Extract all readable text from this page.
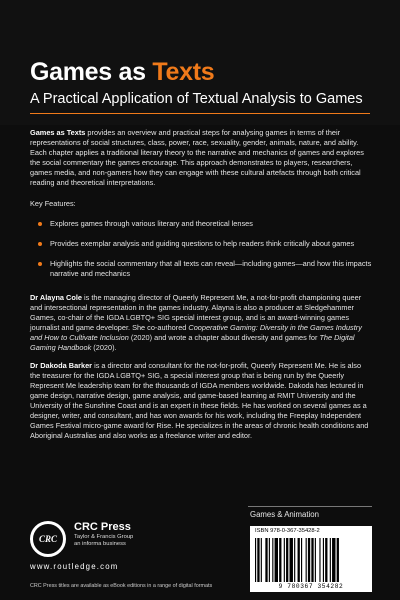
Games as Texts
A Practical Application of Textual Analysis to Games

Games as Texts provides an overview and practical steps for analysing games in terms of their representations of social structures, class, power, race, sexuality, gender, animals, nature, and ability. Each chapter applies a traditional literary theory to the narrative and mechanics of games and explores the social commentary the games encourage. This approach demonstrates to players, researchers, games media, and non-gamers how they can engage with these cultural artefacts through both critical reading and theoretical interpretations.

Key Features:
Explores games through various literary and theoretical lenses
Provides exemplar analysis and guiding questions to help readers think critically about games
Highlights the social commentary that all texts can reveal—including games—and how this impacts narrative and mechanics

Dr Alayna Cole is the managing director of Queerly Represent Me, a not-for-profit championing queer and intersectional representation in the games industry. Alayna is also a producer at Sledgehammer Games, co-chair of the IGDA LGBTQ+ SIG special interest group, and is an award-winning games journalist and game developer. She co-authored Cooperative Gaming: Diversity in the Games Industry and How to Cultivate Inclusion (2020) and wrote a chapter about diversity and games for The Digital Gaming Handbook (2020).

Dr Dakoda Barker is a director and consultant for the not-for-profit, Queerly Represent Me. He is also the treasurer for the IGDA LGBTQ+ SIG, a special interest group that is being run by the Queerly Represent Me leadership team for the thousands of IGDA members worldwide. Dakoda has lectured in game design, narrative design, game analysis, and game-based learning at RMIT University and the University of the Sunshine Coast and is an expert in these fields. He has worked on several games as a designer, writer, and consultant, and has won awards for his work, including the Freeplay Independent Games Festival micro-game award for Rise. He specializes in the areas of chronic health conditions and Aboriginal Australias and also works as a freelance writer and editor.

Games & Animation
CRC
CRC Press
Taylor & Francis Group
an informa business
www.routledge.com
CRC Press titles are available as eBook editions in a range of digital formats
ISBN 978-0-367-35428-2
9 780367 354282
